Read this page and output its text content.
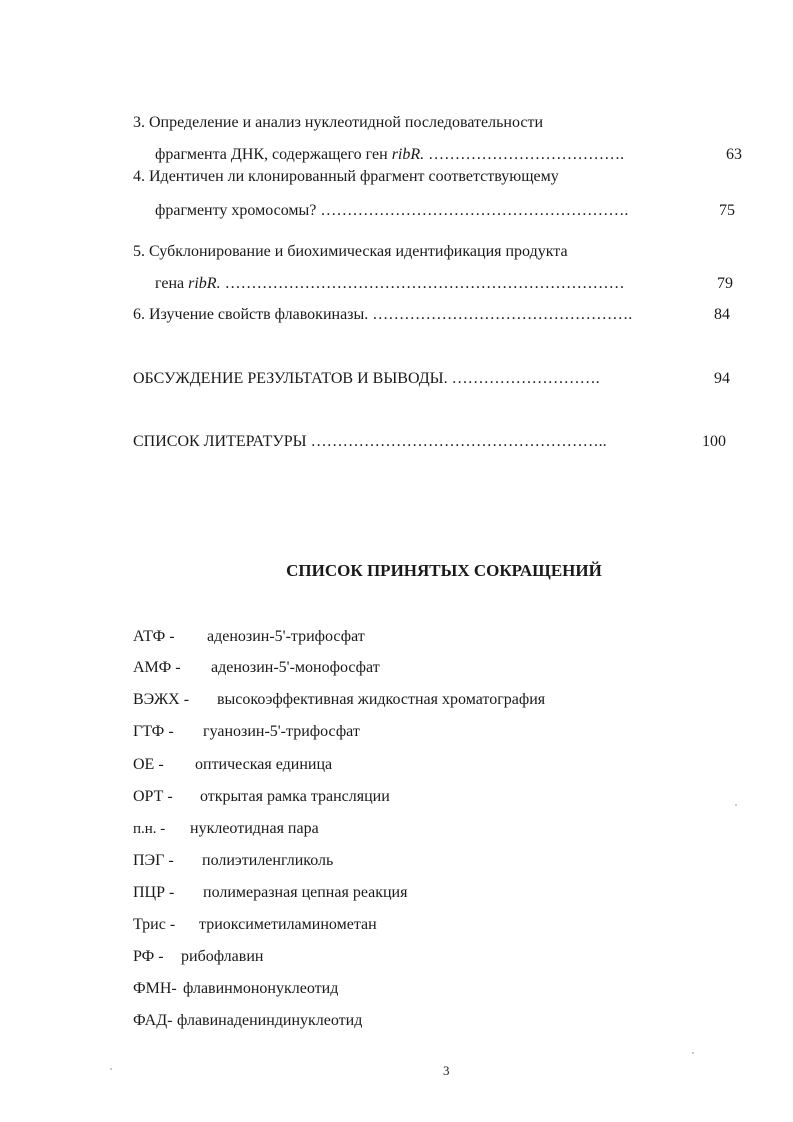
3. Определение и анализ нуклеотидной последовательности
фрагмента ДНК, содержащего ген ribR. ……………………………….	63
4. Идентичен ли клонированный фрагмент соответствующему
фрагменту хромосомы? ………………………………………………….	75
5. Субклонирование и биохимическая идентификация продукта
гена ribR. …………………………………………………………………	79
6. Изучение свойств флавокиназы. ………………………………………….	84
ОБСУЖДЕНИЕ РЕЗУЛЬТАТОВ И ВЫВОДЫ. ……………………….	94
СПИСОК ЛИТЕРАТУРЫ ………………………………………………..	100
СПИСОК ПРИНЯТЫХ СОКРАЩЕНИЙ
АТФ - аденозин-5'-трифосфат
АМФ - аденозин-5'-монофосфат
ВЭЖХ - высокоэффективная жидкостная хроматография
ГТФ - гуанозин-5'-трифосфат
ОЕ - оптическая единица
ОРТ - открытая рамка трансляции
п.н. - нуклеотидная пара
ПЭГ - полиэтиленгликоль
ПЦР - полимеразная цепная реакция
Трис - триоксиметиламинометан
РФ - рибофлавин
ФМН- флавинмононуклеотид
ФАД- флавинадениндинуклеотид
3
